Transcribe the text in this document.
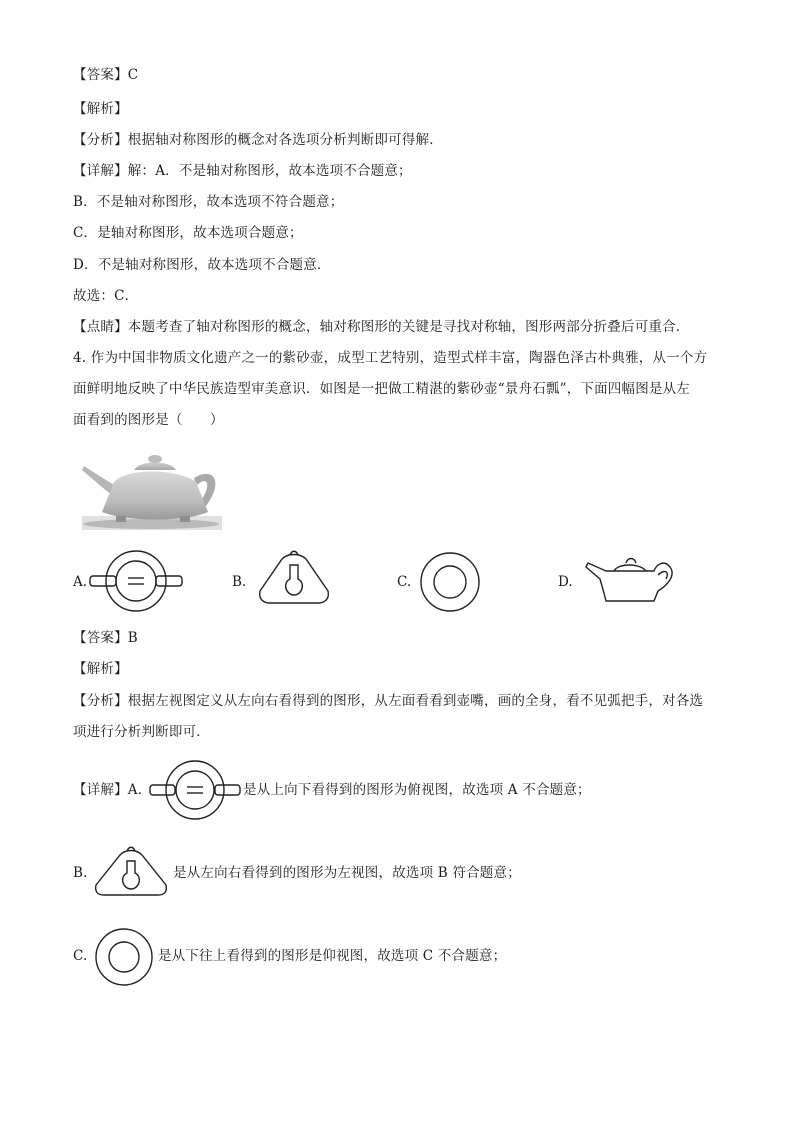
【答案】C
【解析】
【分析】根据轴对称图形的概念对各选项分析判断即可得解．
【详解】解：A．不是轴对称图形，故本选项不合题意；
B．不是轴对称图形，故本选项不符合题意；
C．是轴对称图形，故本选项合题意；
D．不是轴对称图形，故本选项不合题意．
故选：C．
【点睛】本题考查了轴对称图形的概念，轴对称图形的关键是寻找对称轴，图形两部分折叠后可重合．
4. 作为中国非物质文化遗产之一的紫砂壶，成型工艺特别，造型式样丰富，陶器色泽古朴典雅，从一个方
面鲜明地反映了中华民族造型审美意识．如图是一把做工精湛的紫砂壶“景舟石瓢”，下面四幅图是从左
面看到的图形是（　　）
A.	B.	C.	D.
【答案】B
【解析】
【分析】根据左视图定义从左向右看得到的图形，从左面看看到壶嘴，画的全身，看不见弧把手，对各选
项进行分析判断即可．
【详解】A.	是从上向下看得到的图形为俯视图，故选项 A 不合题意；
B.	是从左向右看得到的图形为左视图，故选项 B 符合题意；
C.	是从下往上看得到的图形是仰视图，故选项 C 不合题意；
